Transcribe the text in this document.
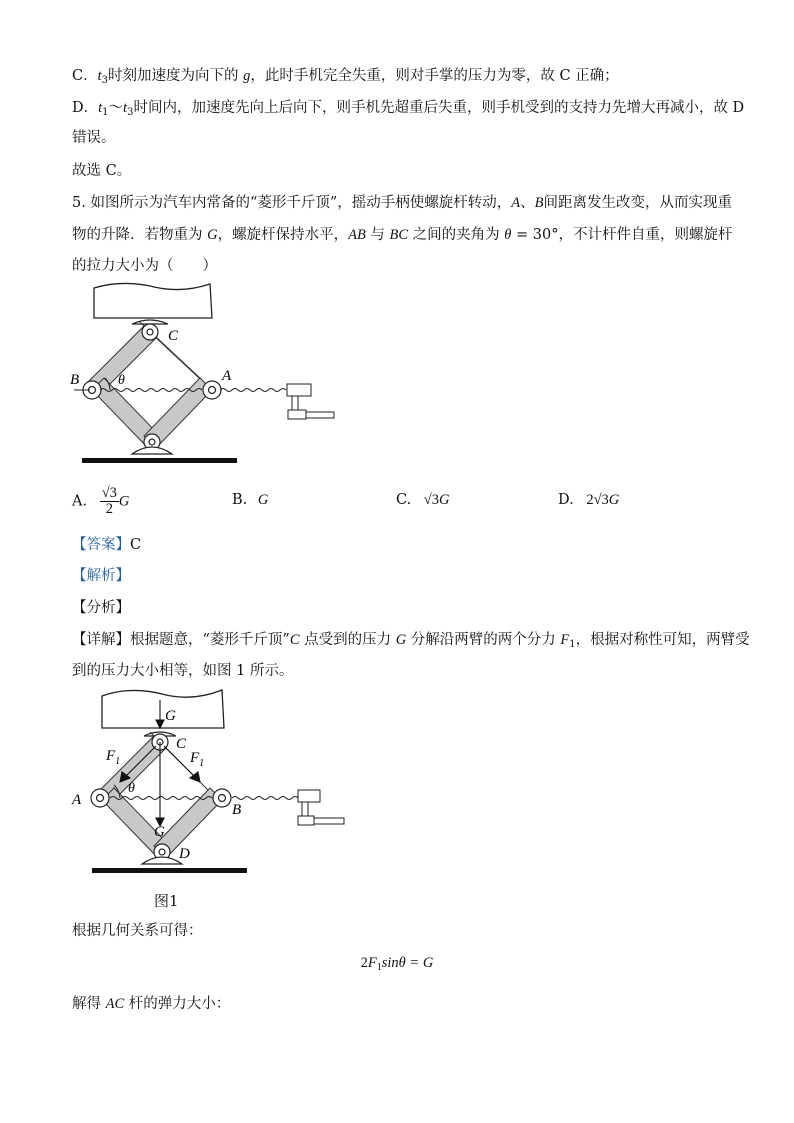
C．$t_3$时刻加速度为向下的 g，此时手机完全失重，则对手掌的压力为零，故 C 正确；
D．$t_1\sim t_3$时间内，加速度先向上后向下，则手机先超重后失重，则手机受到的支持力先增大再减小，故 D
错误。
故选 C。
5. 如图所示为汽车内常备的“菱形千斤顶”，摇动手柄使螺旋杆转动，A、B间距离发生改变，从而实现重
物的升降．若物重为 G，螺旋杆保持水平，AB 与 BC 之间的夹角为 θ = 30°，不计杆件自重，则螺旋杆
的拉力大小为（　　）
C
B	A
θ
A. $\frac{√3}{2}$ G	B. G	C. √3G	D. 2√3G
【答案】C
【解析】
【分析】
【详解】根据题意，“菱形千斤顶”C 点受到的压力 G 分解沿两臂的两个分力 $F_1$，根据对称性可知，两臂受
到的压力大小相等，如图 1 所示。
G
$F_1$	$F_1$
C
A
B
θ
G
D
图1
根据几何关系可得：
$2F_1\sin\theta = G$
解得 AC 杆的弹力大小：
